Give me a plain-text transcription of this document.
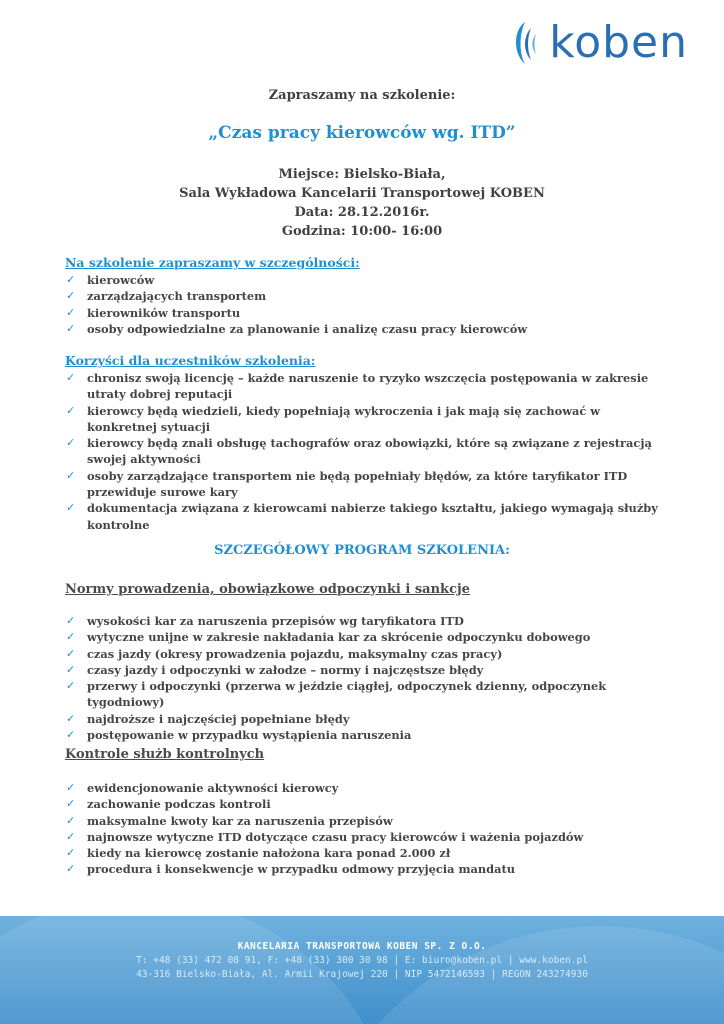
koben
Zapraszamy na szkolenie:
„Czas pracy kierowców wg. ITD”
Miejsce: Bielsko-Biała,
Sala Wykładowa Kancelarii Transportowej KOBEN
Data: 28.12.2016r.
Godzina: 10:00- 16:00
Na szkolenie zapraszamy w szczególności:
✓ kierowców
✓ zarządzających transportem
✓ kierowników transportu
✓ osoby odpowiedzialne za planowanie i analizę czasu pracy kierowców
Korzyści dla uczestników szkolenia:
✓ chronisz swoją licencję – każde naruszenie to ryzyko wszczęcia postępowania w zakresie utraty dobrej reputacji
✓ kierowcy będą wiedzieli, kiedy popełniają wykroczenia i jak mają się zachować w konkretnej sytuacji
✓ kierowcy będą znali obsługę tachografów oraz obowiązki, które są związane z rejestracją swojej aktywności
✓ osoby zarządzające transportem nie będą popełniały błędów, za które taryfikator ITD przewiduje surowe kary
✓ dokumentacja związana z kierowcami nabierze takiego kształtu, jakiego wymagają służby kontrolne
SZCZEGÓŁOWY PROGRAM SZKOLENIA:
Normy prowadzenia, obowiązkowe odpoczynki i sankcje
✓ wysokości kar za naruszenia przepisów wg taryfikatora ITD
✓ wytyczne unijne w zakresie nakładania kar za skrócenie odpoczynku dobowego
✓ czas jazdy (okresy prowadzenia pojazdu, maksymalny czas pracy)
✓ czasy jazdy i odpoczynki w załodze – normy i najczęstsze błędy
✓ przerwy i odpoczynki (przerwa w jeździe ciągłej, odpoczynek dzienny, odpoczynek tygodniowy)
✓ najdroższe i najczęściej popełniane błędy
✓ postępowanie w przypadku wystąpienia naruszenia
Kontrole służb kontrolnych
✓ ewidencjonowanie aktywności kierowcy
✓ zachowanie podczas kontroli
✓ maksymalne kwoty kar za naruszenia przepisów
✓ najnowsze wytyczne ITD dotyczące czasu pracy kierowców i ważenia pojazdów
✓ kiedy na kierowcę zostanie nałożona kara ponad 2.000 zł
✓ procedura i konsekwencje w przypadku odmowy przyjęcia mandatu
KANCELARIA TRANSPORTOWA KOBEN SP. Z O.O.
T: +48 (33) 472 08 91, F: +48 (33) 300 30 98 | E: biuro@koben.pl | www.koben.pl
43-316 Bielsko-Biała, Al. Armii Krajowej 220 | NIP 5472146593 | REGON 243274930
